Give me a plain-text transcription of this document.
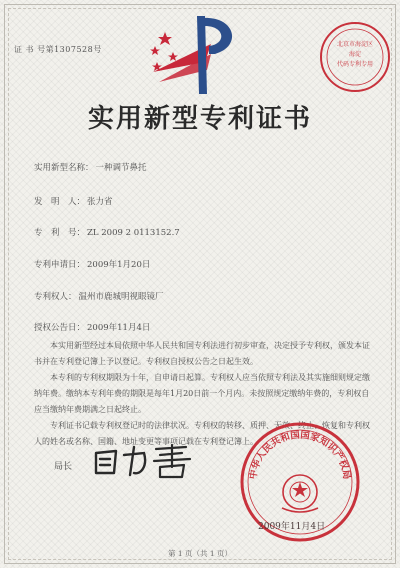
证 书 号第1307528号
北京市海淀区
海淀
代码专利专用
实用新型专利证书
实用新型名称： 一种调节鼻托
发　明　人： 张力省
专　利　号： ZL 2009 2 0113152.7
专利申请日： 2009年1月20日
专利权人： 温州市鹿城明视眼镜厂
授权公告日： 2009年11月4日

本实用新型经过本局依照中华人民共和国专利法进行初步审查，决定授予专利权，颁发本证书并在专利登记簿上予以登记。专利权自授权公告之日起生效。

本专利的专利权期限为十年，自申请日起算。专利权人应当依照专利法及其实施细则规定缴纳年费。缴纳本专利年费的期限是每年1月20日前一个月内。未按照规定缴纳年费的，专利权自应当缴纳年费期满之日起终止。

专利证书记载专利权登记时的法律状况。专利权的转移、质押、无效、终止、恢复和专利权人的姓名或名称、国籍、地址变更等事项记载在专利登记簿上。

局长
中华人民共和国国家知识产权局
2009年11月4日
第 1 页（共 1 页）
